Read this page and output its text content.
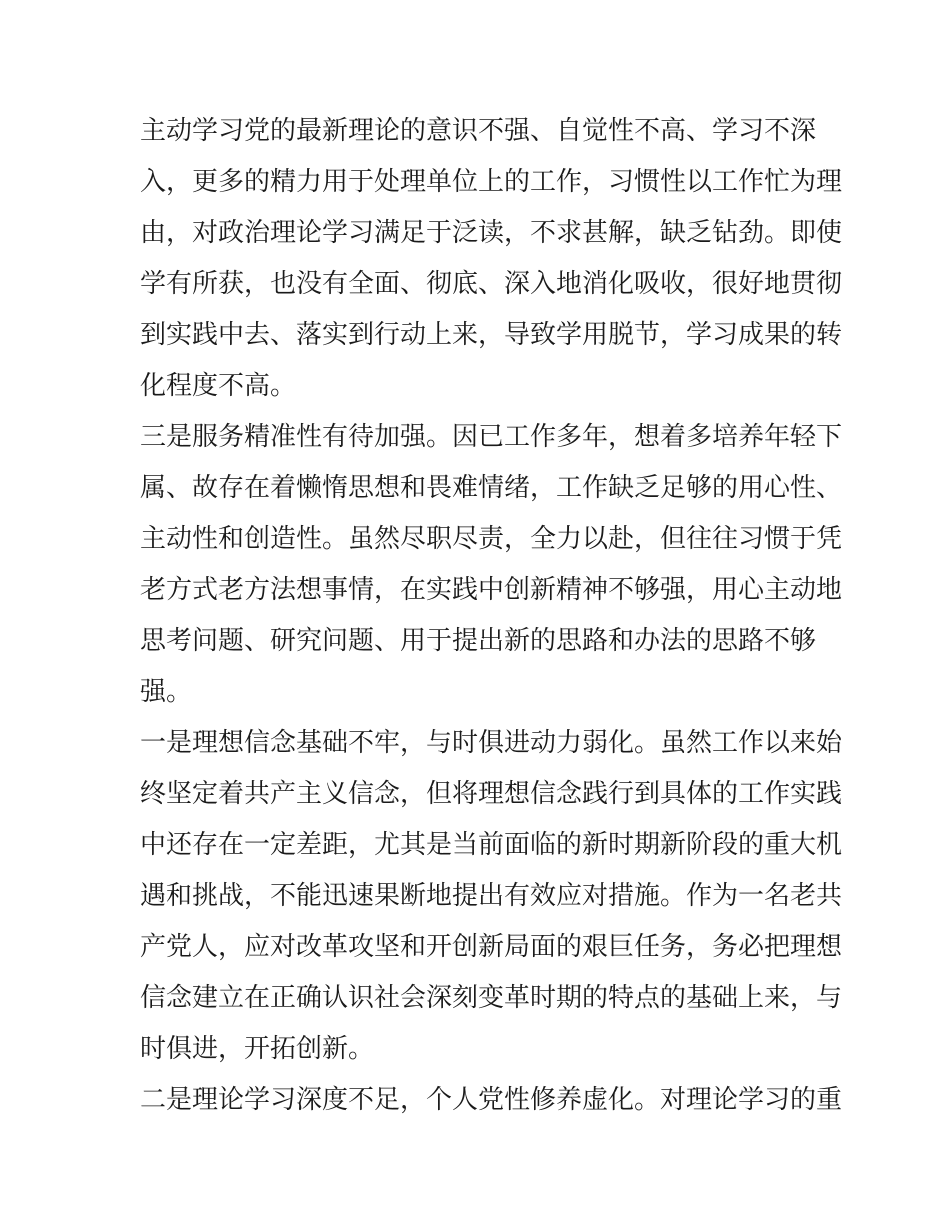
主动学习党的最新理论的意识不强、自觉性不高、学习不深
入，更多的精力用于处理单位上的工作，习惯性以工作忙为理
由，对政治理论学习满足于泛读，不求甚解，缺乏钻劲。即使
学有所获，也没有全面、彻底、深入地消化吸收，很好地贯彻
到实践中去、落实到行动上来，导致学用脱节，学习成果的转
化程度不高。
三是服务精准性有待加强。因已工作多年，想着多培养年轻下
属、故存在着懒惰思想和畏难情绪，工作缺乏足够的用心性、
主动性和创造性。虽然尽职尽责，全力以赴，但往往习惯于凭
老方式老方法想事情，在实践中创新精神不够强，用心主动地
思考问题、研究问题、用于提出新的思路和办法的思路不够
强。
一是理想信念基础不牢，与时俱进动力弱化。虽然工作以来始
终坚定着共产主义信念，但将理想信念践行到具体的工作实践
中还存在一定差距，尤其是当前面临的新时期新阶段的重大机
遇和挑战，不能迅速果断地提出有效应对措施。作为一名老共
产党人，应对改革攻坚和开创新局面的艰巨任务，务必把理想
信念建立在正确认识社会深刻变革时期的特点的基础上来，与
时俱进，开拓创新。
二是理论学习深度不足，个人党性修养虚化。对理论学习的重
